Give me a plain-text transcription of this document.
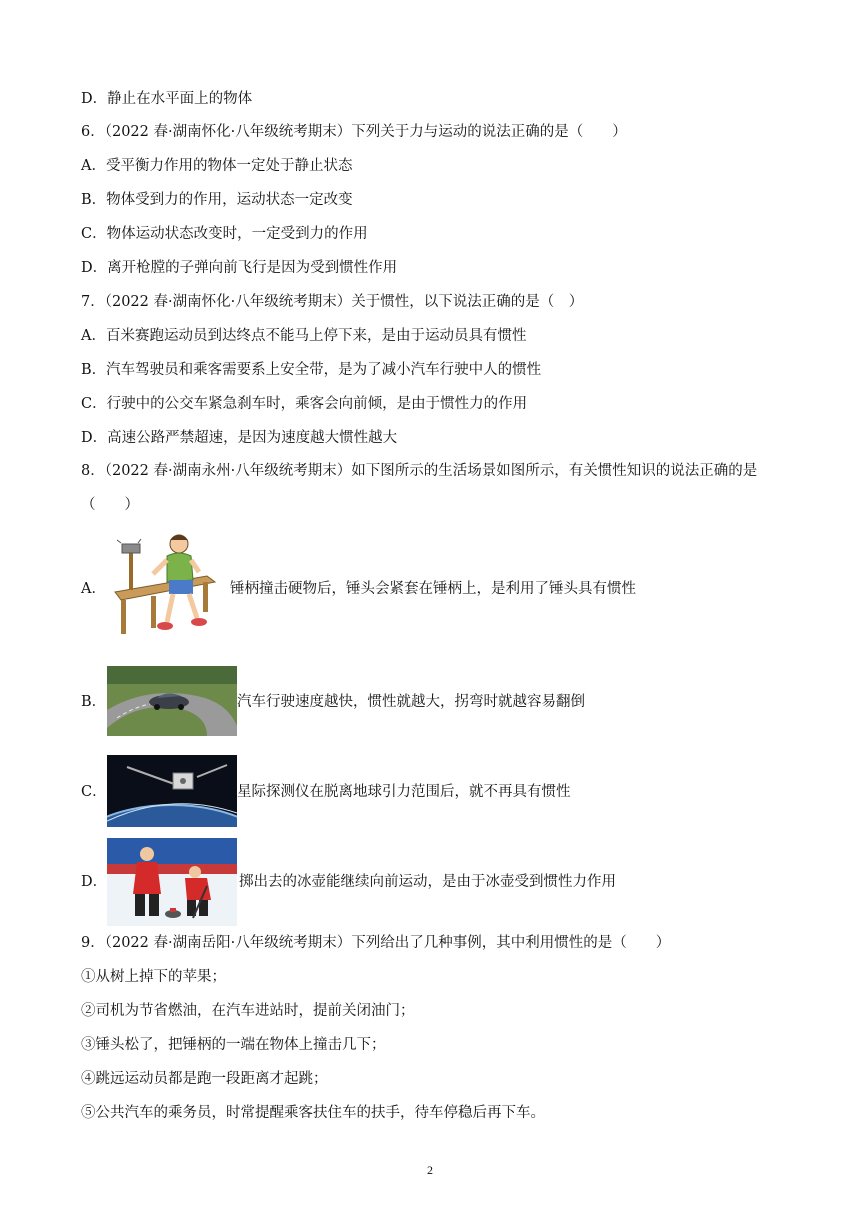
D．静止在水平面上的物体
6．（2022 春·湖南怀化·八年级统考期末）下列关于力与运动的说法正确的是（　　）
A．受平衡力作用的物体一定处于静止状态
B．物体受到力的作用，运动状态一定改变
C．物体运动状态改变时，一定受到力的作用
D．离开枪膛的子弹向前飞行是因为受到惯性作用
7．（2022 春·湖南怀化·八年级统考期末）关于惯性，以下说法正确的是（　）
A．百米赛跑运动员到达终点不能马上停下来，是由于运动员具有惯性
B．汽车驾驶员和乘客需要系上安全带，是为了减小汽车行驶中人的惯性
C．行驶中的公交车紧急刹车时，乘客会向前倾，是由于惯性力的作用
D．高速公路严禁超速，是因为速度越大惯性越大
8．（2022 春·湖南永州·八年级统考期末）如下图所示的生活场景如图所示，有关惯性知识的说法正确的是
（　　）
A．	锤柄撞击硬物后，锤头会紧套在锤柄上，是利用了锤头具有惯性
B．	汽车行驶速度越快，惯性就越大，拐弯时就越容易翻倒
C．	星际探测仪在脱离地球引力范围后，就不再具有惯性
D．	掷出去的冰壶能继续向前运动，是由于冰壶受到惯性力作用
9．（2022 春·湖南岳阳·八年级统考期末）下列给出了几种事例，其中利用惯性的是（　　）
①从树上掉下的苹果；
②司机为节省燃油，在汽车进站时，提前关闭油门；
③锤头松了，把锤柄的一端在物体上撞击几下；
④跳远运动员都是跑一段距离才起跳；
⑤公共汽车的乘务员，时常提醒乘客扶住车的扶手，待车停稳后再下车。
2
